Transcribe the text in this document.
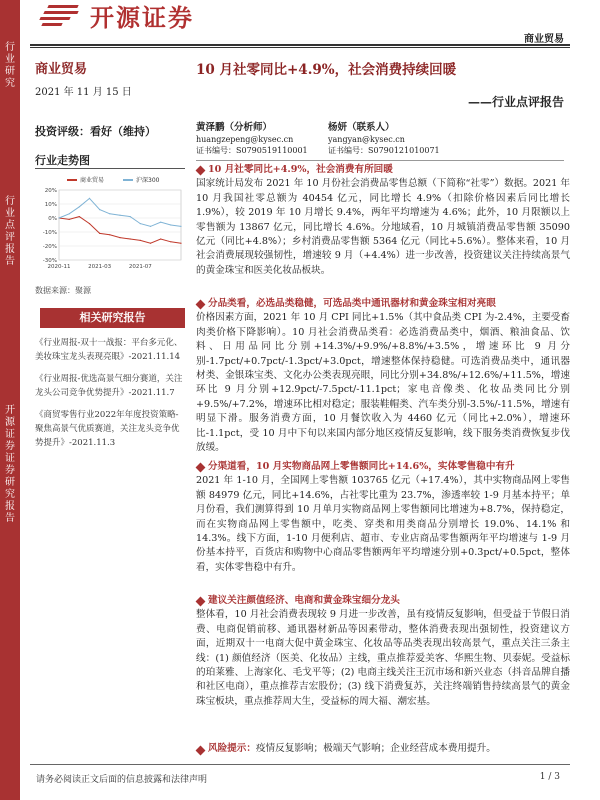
行业研究
行业点评报告
开源证券 证券研究报告
开源证券
商业贸易
商业贸易
2021 年 11 月 15 日
投资评级：看好（维持）
行业走势图
20%
10%
0%
-10%
-20%
-30%
2020-11	2021-03	2021-07
商业贸易	沪深300
数据来源：聚源
相关研究报告
《行业周报-双十一战报：平台多元化、美妆珠宝龙头表现亮眼》-2021.11.14
《行业周报-优选高景气细分赛道，关注龙头公司竞争优势提升》-2021.11.7
《商贸零售行业2022年年度投资策略-聚焦高景气优质赛道，关注龙头竞争优势提升》-2021.11.3
10 月社零同比+4.9%，社会消费持续回暖
——行业点评报告
黄泽鹏（分析师）
huangzepeng@kysec.cn
证书编号：S0790519110001
杨妍（联系人）
yangyan@kysec.cn
证书编号：S0790121010071
10 月社零同比+4.9%，社会消费有所回暖
国家统计局发布 2021 年 10 月份社会消费品零售总额（下简称“社零”）数据。2021 年 10 月我国社零总额为 40454 亿元，同比增长 4.9%（扣除价格因素后同比增长 1.9%），较 2019 年 10 月增长 9.4%，两年平均增速为 4.6%；此外，10 月限额以上零售额为 13867 亿元，同比增长 4.6%。分地域看，10 月城镇消费品零售额 35090 亿元（同比+4.8%）；乡村消费品零售额 5364 亿元（同比+5.6%）。整体来看，10 月社会消费展现较强韧性，增速较 9 月（+4.4%）进一步改善，投资建议关注持续高景气的黄金珠宝和医美化妆品板块。
分品类看，必选品类稳健，可选品类中通讯器材和黄金珠宝相对亮眼
价格因素方面，2021 年 10 月 CPI 同比+1.5%（其中食品类 CPI 为-2.4%，主要受畜肉类价格下降影响）。10 月社会消费品类看：必选消费品类中，烟酒、粮油食品、饮料、日用品同比分别+14.3%/+9.9%/+8.8%/+3.5%，增速环比 9 月分别-1.7pct/+0.7pct/-1.3pct/+3.0pct，增速整体保持稳健。可选消费品类中，通讯器材类、金银珠宝类、文化办公类表现亮眼，同比分别+34.8%/+12.6%/+11.5%，增速环比 9 月分别+12.9pct/-7.5pct/-11.1pct；家电音像类、化妆品类同比分别+9.5%/+7.2%，增速环比相对稳定；服装鞋帽类、汽车类分别-3.5%/-11.5%，增速有明显下滑。服务消费方面，10 月餐饮收入为 4460 亿元（同比+2.0%），增速环比-1.1pct，受 10 月中下旬以来国内部分地区疫情反复影响，线下服务类消费恢复步伐放缓。
分渠道看，10 月实物商品网上零售额同比+14.6%，实体零售稳中有升
2021 年 1-10 月，全国网上零售额 103765 亿元（+17.4%），其中实物商品网上零售额 84979 亿元，同比+14.6%，占社零比重为 23.7%，渗透率较 1-9 月基本持平；单月份看，我们测算得到 10 月单月实物商品网上零售额同比增速为+8.7%，保持稳定，而在实物商品网上零售额中，吃类、穿类和用类商品分别增长 19.0%、14.1% 和 14.3%。线下方面，1-10 月便利店、超市、专业店商品零售额两年平均增速与 1-9 月份基本持平，百货店和购物中心商品零售额两年平均增速分别+0.3pct/+0.5pct，整体看，实体零售稳中有升。
建议关注颜值经济、电商和黄金珠宝细分龙头
整体看，10 月社会消费表现较 9 月进一步改善，虽有疫情反复影响，但受益于节假日消费、电商促销前移、通讯器材新品等因素带动，整体消费表现出强韧性，投资建议方面，近期双十一电商大促中黄金珠宝、化妆品等品类表现出较高景气，重点关注三条主线：(1) 颜值经济（医美、化妆品）主线，重点推荐爱美客、华熙生物、贝泰妮。受益标的珀莱雅、上海家化、毛戈平等；(2) 电商主线关注王沉市场和新兴业态（抖音品牌自播和社区电商），重点推荐吉宏股份；(3) 线下消费复苏，关注终端销售持续高景气的黄金珠宝板块，重点推荐周大生，受益标的周大福、潮宏基。
风险提示：疫情反复影响；极端天气影响；企业经营成本费用提升。
请务必阅读正文后面的信息披露和法律声明	1 / 3
